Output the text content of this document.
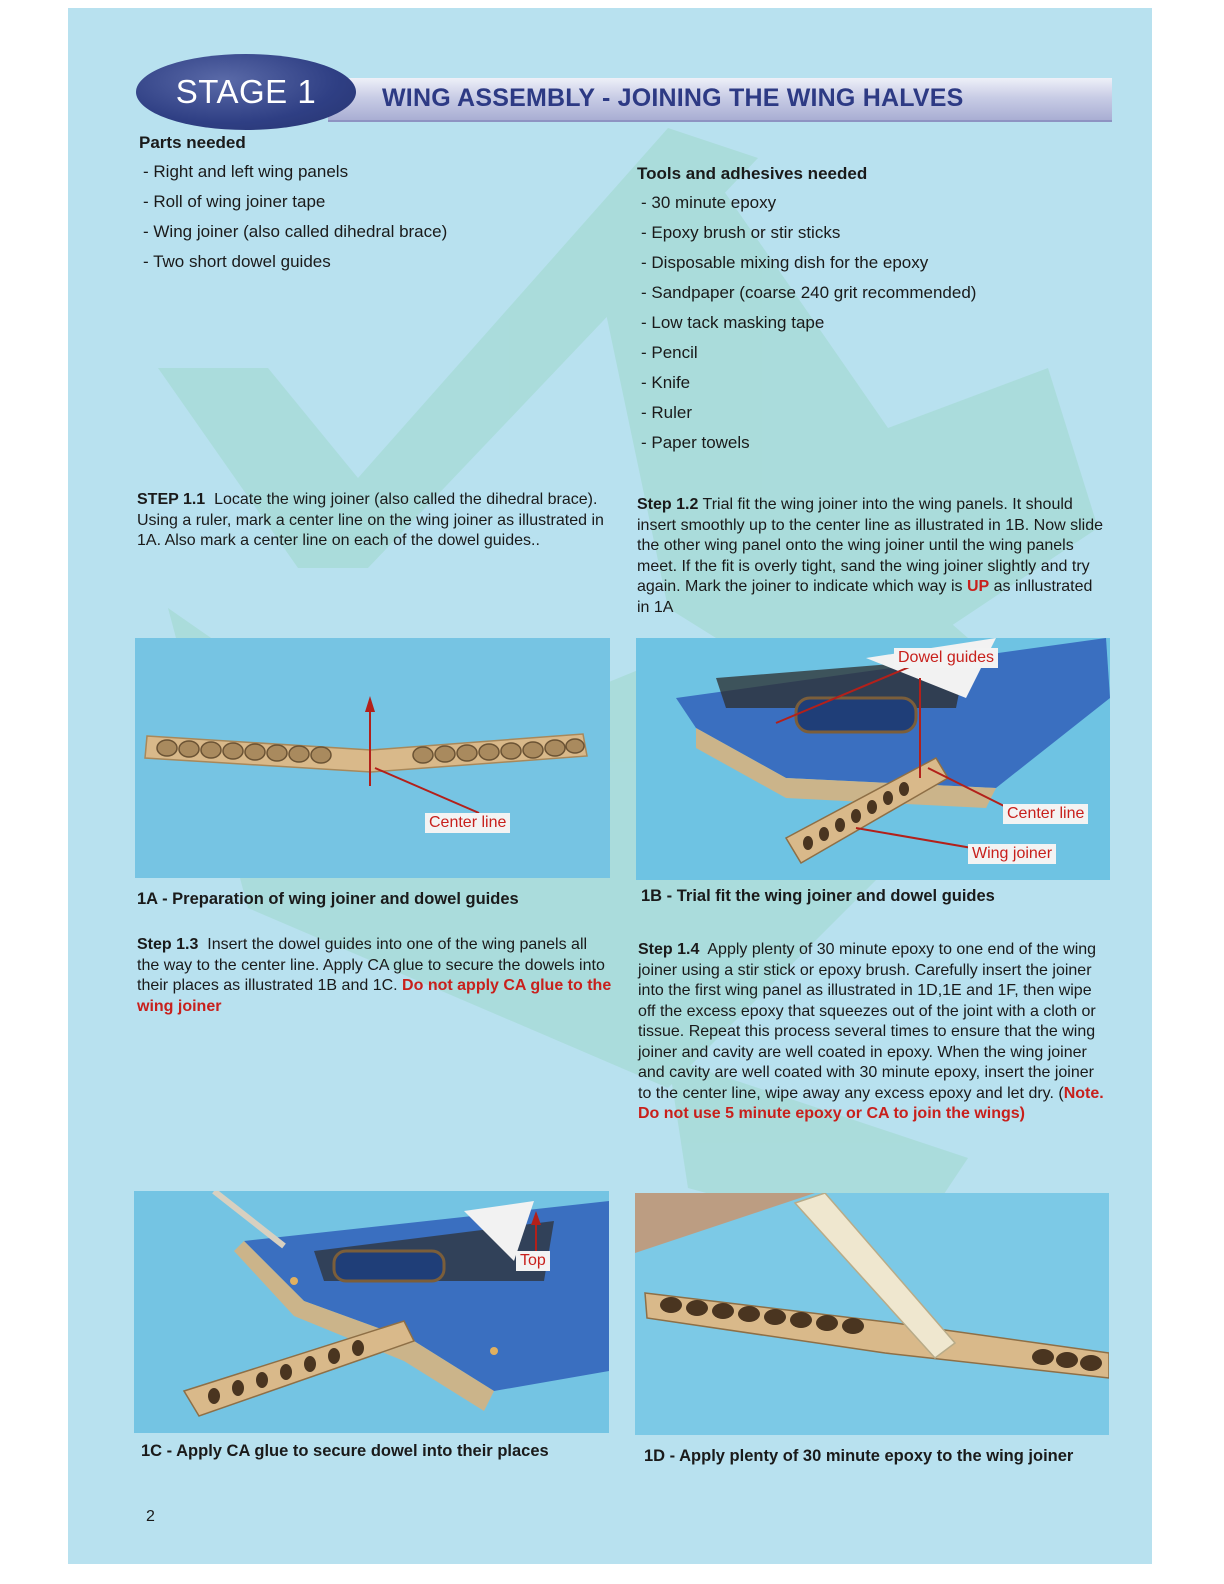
STAGE 1	WING ASSEMBLY - JOINING THE WING HALVES
Parts needed
- Right and left wing panels
- Roll of wing joiner tape
- Wing joiner (also called dihedral brace)
- Two short dowel guides
Tools and adhesives needed
- 30 minute epoxy
- Epoxy brush or stir sticks
- Disposable mixing dish for the epoxy
- Sandpaper (coarse 240 grit recommended)
- Low tack masking tape
- Pencil
- Knife
- Ruler
- Paper towels

STEP 1.1 Locate the wing joiner (also called the dihedral brace). Using a ruler, mark a center line on the wing joiner as illustrated in 1A. Also mark a center line on each of the dowel guides..

Step 1.2 Trial fit the wing joiner into the wing panels. It should insert smoothly up to the center line as illustrated in 1B. Now slide the other wing panel onto the wing joiner until the wing panels meet. If the fit is overly tight, sand the wing joiner slightly and try again. Mark the joiner to indicate which way is UP as inllustrated in 1A

Center line
1A - Preparation of wing joiner and dowel guides
Dowel guides
Center line
Wing joiner
1B - Trial fit the wing joiner and dowel guides

Step 1.3 Insert the dowel guides into one of the wing panels all the way to the center line. Apply CA glue to secure the dowels into their places as illustrated 1B and 1C. Do not apply CA glue to the wing joiner

Step 1.4 Apply plenty of 30 minute epoxy to one end of the wing joiner using a stir stick or epoxy brush. Carefully insert the joiner into the first wing panel as illustrated in 1D,1E and 1F, then wipe off the excess epoxy that squeezes out of the joint with a cloth or tissue. Repeat this process several times to ensure that the wing joiner and cavity are well coated in epoxy. When the wing joiner and cavity are well coated with 30 minute epoxy, insert the joiner to the center line, wipe away any excess epoxy and let dry. (Note. Do not use 5 minute epoxy or CA to join the wings)

Top
1C - Apply CA glue to secure dowel into their places	1D - Apply plenty of 30 minute epoxy to the wing joiner
2
